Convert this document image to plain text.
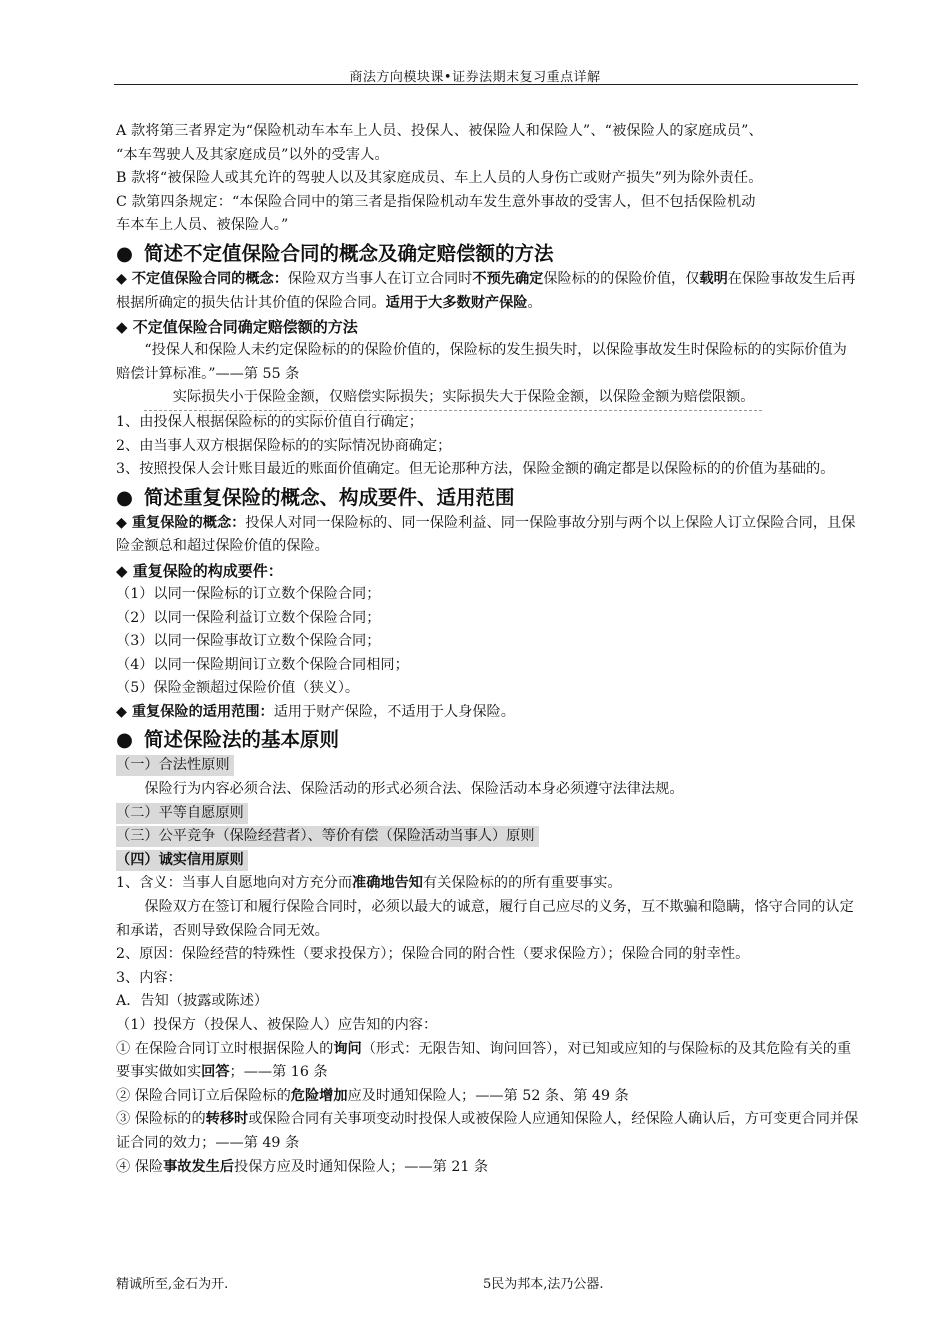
商法方向模块课•证券法期末复习重点详解

A 款将第三者界定为“保险机动车本车上人员、投保人、被保险人和保险人”、“被保险人的家庭成员”、

“本车驾驶人及其家庭成员”以外的受害人。

B 款将“被保险人或其允许的驾驶人以及其家庭成员、车上人员的人身伤亡或财产损失”列为除外责任。

C 款第四条规定：“本保险合同中的第三者是指保险机动车发生意外事故的受害人，但不包括保险机动

车本车上人员、被保险人。”

● 简述不定值保险合同的概念及确定赔偿额的方法

◆ 不定值保险合同的概念：保险双方当事人在订立合同时不预先确定保险标的的保险价值，仅载明在保险事故发生后再根据所确定的损失估计其价值的保险合同。适用于大多数财产保险。

◆ 不定值保险合同确定赔偿额的方法

“投保人和保险人未约定保险标的的保险价值的，保险标的发生损失时，以保险事故发生时保险标的的实际价值为赔偿计算标准。”——第 55 条

实际损失小于保险金额，仅赔偿实际损失；实际损失大于保险金额，以保险金额为赔偿限额。

1、由投保人根据保险标的的实际价值自行确定；

2、由当事人双方根据保险标的的实际情况协商确定；

3、按照投保人会计账目最近的账面价值确定。但无论那种方法，保险金额的确定都是以保险标的的价值为基础的。

● 简述重复保险的概念、构成要件、适用范围

◆ 重复保险的概念：投保人对同一保险标的、同一保险利益、同一保险事故分别与两个以上保险人订立保险合同，且保险金额总和超过保险价值的保险。

◆ 重复保险的构成要件：

（1）以同一保险标的订立数个保险合同；

（2）以同一保险利益订立数个保险合同；

（3）以同一保险事故订立数个保险合同；

（4）以同一保险期间订立数个保险合同相同；

（5）保险金额超过保险价值（狭义）。

◆ 重复保险的适用范围：适用于财产保险，不适用于人身保险。

● 简述保险法的基本原则

（一）合法性原则

保险行为内容必须合法、保险活动的形式必须合法、保险活动本身必须遵守法律法规。

（二）平等自愿原则

（三）公平竞争（保险经营者）、等价有偿（保险活动当事人）原则

（四）诚实信用原则

1、含义：当事人自愿地向对方充分而准确地告知有关保险标的的所有重要事实。

保险双方在签订和履行保险合同时，必须以最大的诚意，履行自己应尽的义务，互不欺骗和隐瞒，恪守合同的认定和承诺，否则导致保险合同无效。

2、原因：保险经营的特殊性（要求投保方）；保险合同的附合性（要求保险方）；保险合同的射幸性。

3、内容：

A．告知（披露或陈述）

（1）投保方（投保人、被保险人）应告知的内容：

① 在保险合同订立时根据保险人的询问（形式：无限告知、询问回答），对已知或应知的与保险标的及其危险有关的重要事实做如实回答；——第 16 条

② 保险合同订立后保险标的危险增加应及时通知保险人；——第 52 条、第 49 条

③ 保险标的的转移时或保险合同有关事项变动时投保人或被保险人应通知保险人，经保险人确认后，方可变更合同并保证合同的效力；——第 49 条

④ 保险事故发生后投保方应及时通知保险人；——第 21 条

精诚所至,金石为开.	5民为邦本,法乃公器.
